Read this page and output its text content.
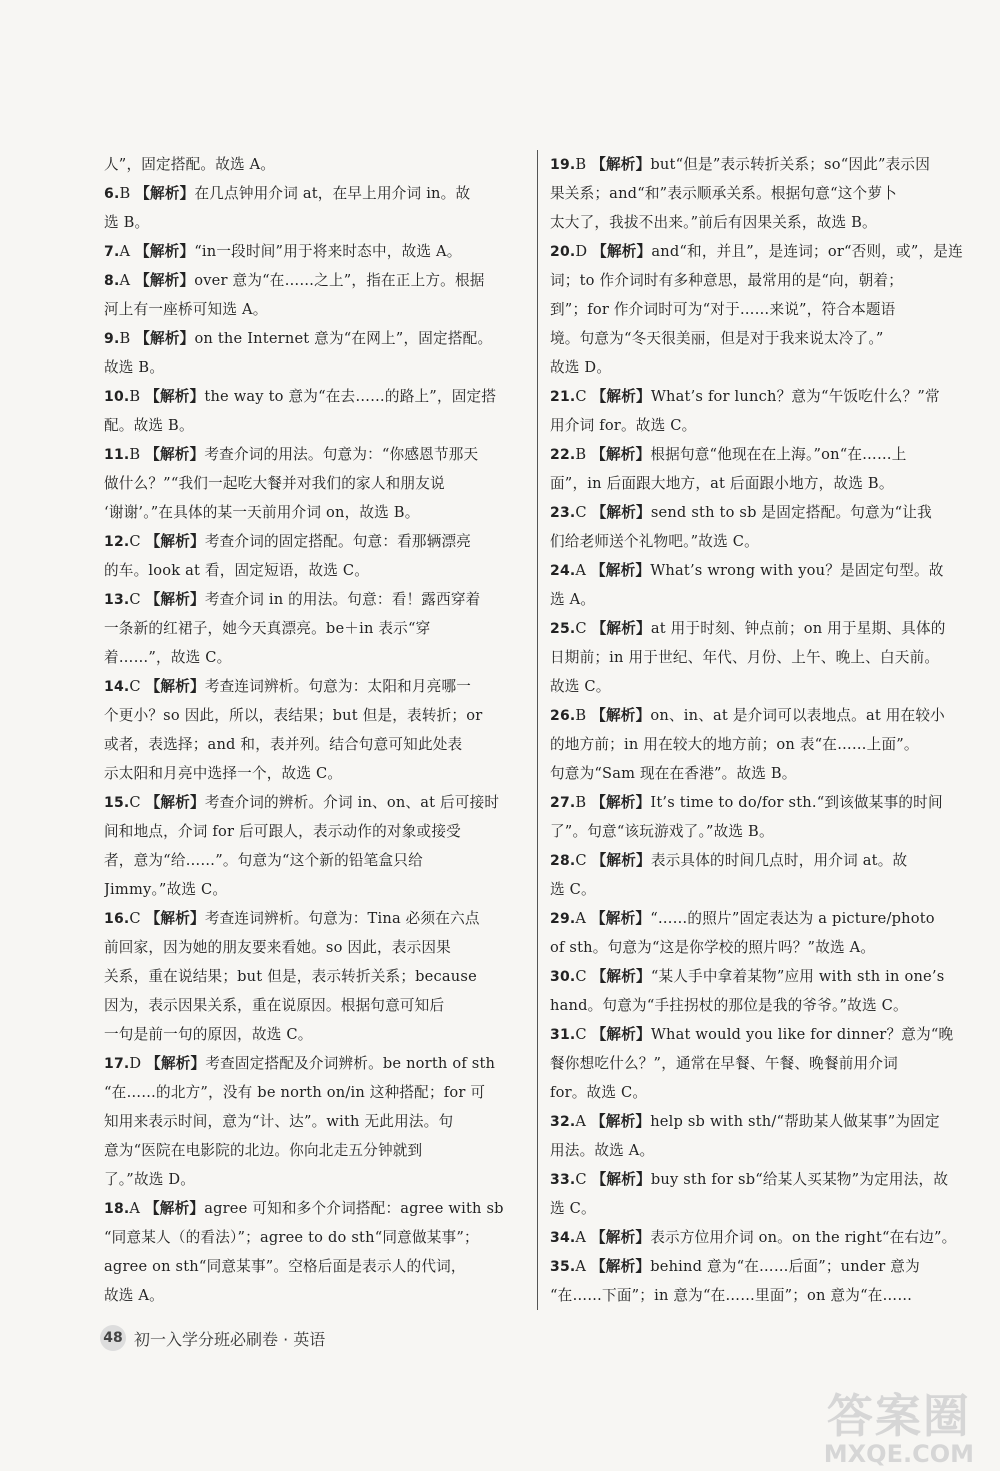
人”，固定搭配。故选 A。
6.B 【解析】在几点钟用介词 at，在早上用介词 in。故
选 B。
7.A 【解析】“in一段时间”用于将来时态中，故选 A。
8.A 【解析】over 意为“在……之上”，指在正上方。根据
河上有一座桥可知选 A。
9.B 【解析】on the Internet 意为“在网上”，固定搭配。
故选 B。
10.B 【解析】the way to 意为“在去……的路上”，固定搭
配。故选 B。
11.B 【解析】考查介词的用法。句意为：“你感恩节那天
做什么？”“我们一起吃大餐并对我们的家人和朋友说
‘谢谢’。”在具体的某一天前用介词 on，故选 B。
12.C 【解析】考查介词的固定搭配。句意：看那辆漂亮
的车。look at 看，固定短语，故选 C。
13.C 【解析】考查介词 in 的用法。句意：看！露西穿着
一条新的红裙子，她今天真漂亮。be＋in 表示“穿
着……”，故选 C。
14.C 【解析】考查连词辨析。句意为：太阳和月亮哪一
个更小？so 因此，所以，表结果；but 但是，表转折；or
或者，表选择；and 和，表并列。结合句意可知此处表
示太阳和月亮中选择一个，故选 C。
15.C 【解析】考查介词的辨析。介词 in、on、at 后可接时
间和地点，介词 for 后可跟人，表示动作的对象或接受
者，意为“给……”。句意为“这个新的铅笔盒只给
Jimmy。”故选 C。
16.C 【解析】考查连词辨析。句意为：Tina 必须在六点
前回家，因为她的朋友要来看她。so 因此，表示因果
关系，重在说结果；but 但是，表示转折关系；because
因为，表示因果关系，重在说原因。根据句意可知后
一句是前一句的原因，故选 C。
17.D 【解析】考查固定搭配及介词辨析。be north of sth
“在……的北方”，没有 be north on/in 这种搭配；for 可
知用来表示时间，意为“计、达”。with 无此用法。句
意为“医院在电影院的北边。你向北走五分钟就到
了。”故选 D。
18.A 【解析】agree 可知和多个介词搭配：agree with sb
“同意某人（的看法）”；agree to do sth“同意做某事”；
agree on sth“同意某事”。空格后面是表示人的代词，
故选 A。
19.B 【解析】but“但是”表示转折关系；so“因此”表示因
果关系；and“和”表示顺承关系。根据句意“这个萝卜
太大了，我拔不出来。”前后有因果关系，故选 B。
20.D 【解析】and“和，并且”，是连词；or“否则，或”，是连
词；to 作介词时有多种意思，最常用的是“向，朝着；
到”；for 作介词时可为“对于……来说”，符合本题语
境。句意为“冬天很美丽，但是对于我来说太冷了。”
故选 D。
21.C 【解析】What’s for lunch？意为“午饭吃什么？”常
用介词 for。故选 C。
22.B 【解析】根据句意“他现在在上海。”on“在……上
面”，in 后面跟大地方，at 后面跟小地方，故选 B。
23.C 【解析】send sth to sb 是固定搭配。句意为“让我
们给老师送个礼物吧。”故选 C。
24.A 【解析】What’s wrong with you？是固定句型。故
选 A。
25.C 【解析】at 用于时刻、钟点前；on 用于星期、具体的
日期前；in 用于世纪、年代、月份、上午、晚上、白天前。
故选 C。
26.B 【解析】on、in、at 是介词可以表地点。at 用在较小
的地方前；in 用在较大的地方前；on 表“在……上面”。
句意为“Sam 现在在香港”。故选 B。
27.B 【解析】It’s time to do/for sth.“到该做某事的时间
了”。句意“该玩游戏了。”故选 B。
28.C 【解析】表示具体的时间几点时，用介词 at。故
选 C。
29.A 【解析】“……的照片”固定表达为 a picture/photo
of sth。句意为“这是你学校的照片吗？”故选 A。
30.C 【解析】“某人手中拿着某物”应用 with sth in one’s
hand。句意为“手拄拐杖的那位是我的爷爷。”故选 C。
31.C 【解析】What would you like for dinner？意为“晚
餐你想吃什么？”，通常在早餐、午餐、晚餐前用介词
for。故选 C。
32.A 【解析】help sb with sth/“帮助某人做某事”为固定
用法。故选 A。
33.C 【解析】buy sth for sb“给某人买某物”为定用法，故
选 C。
34.A 【解析】表示方位用介词 on。on the right“在右边”。
35.A 【解析】behind 意为“在……后面”；under 意为
“在……下面”；in 意为“在……里面”；on 意为“在……
48 初一入学分班必刷卷 · 英语
答案圈
MXQE.COM
